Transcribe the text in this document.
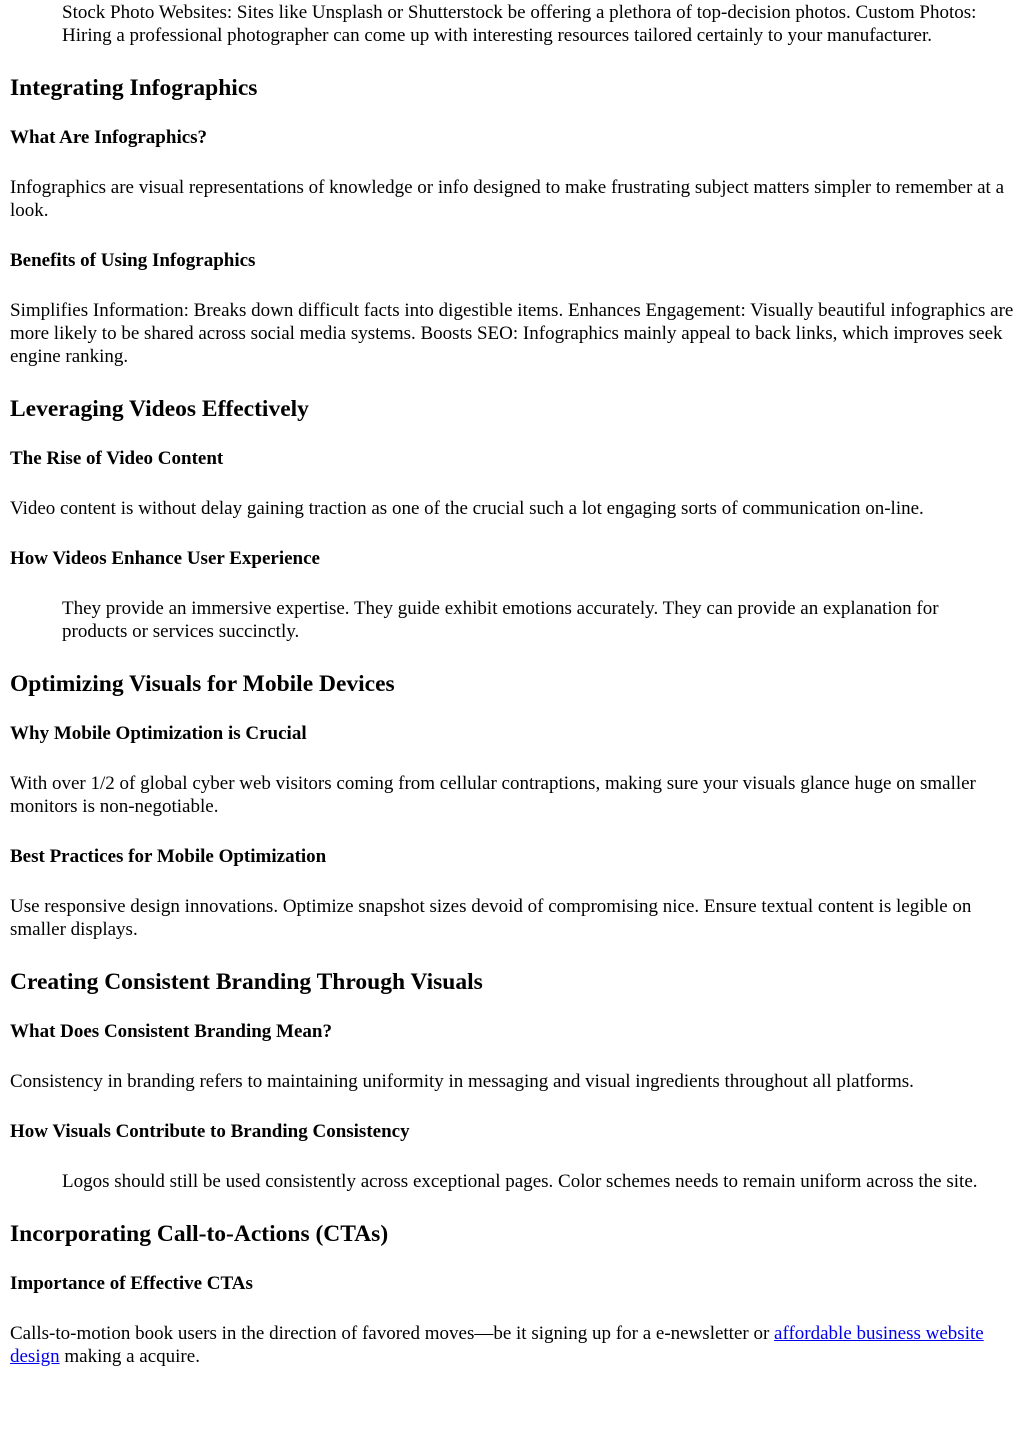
Stock Photo Websites: Sites like Unsplash or Shutterstock be offering a plethora of top-decision photos. Custom Photos: Hiring a professional photographer can come up with interesting resources tailored certainly to your manufacturer.

Integrating Infographics
What Are Infographics?

Infographics are visual representations of knowledge or info designed to make frustrating subject matters simpler to remember at a look.

Benefits of Using Infographics

Simplifies Information: Breaks down difficult facts into digestible items. Enhances Engagement: Visually beautiful infographics are more likely to be shared across social media systems. Boosts SEO: Infographics mainly appeal to back links, which improves seek engine ranking.

Leveraging Videos Effectively
The Rise of Video Content

Video content is without delay gaining traction as one of the crucial such a lot engaging sorts of communication on-line.

How Videos Enhance User Experience

They provide an immersive expertise. They guide exhibit emotions accurately. They can provide an explanation for products or services succinctly.

Optimizing Visuals for Mobile Devices
Why Mobile Optimization is Crucial

With over 1/2 of global cyber web visitors coming from cellular contraptions, making sure your visuals glance huge on smaller monitors is non-negotiable.

Best Practices for Mobile Optimization

Use responsive design innovations. Optimize snapshot sizes devoid of compromising nice. Ensure textual content is legible on smaller displays.

Creating Consistent Branding Through Visuals
What Does Consistent Branding Mean?

Consistency in branding refers to maintaining uniformity in messaging and visual ingredients throughout all platforms.

How Visuals Contribute to Branding Consistency

Logos should still be used consistently across exceptional pages. Color schemes needs to remain uniform across the site.

Incorporating Call-to-Actions (CTAs)
Importance of Effective CTAs

Calls-to-motion book users in the direction of favored moves—be it signing up for a e-newsletter or affordable business website design making a acquire.
